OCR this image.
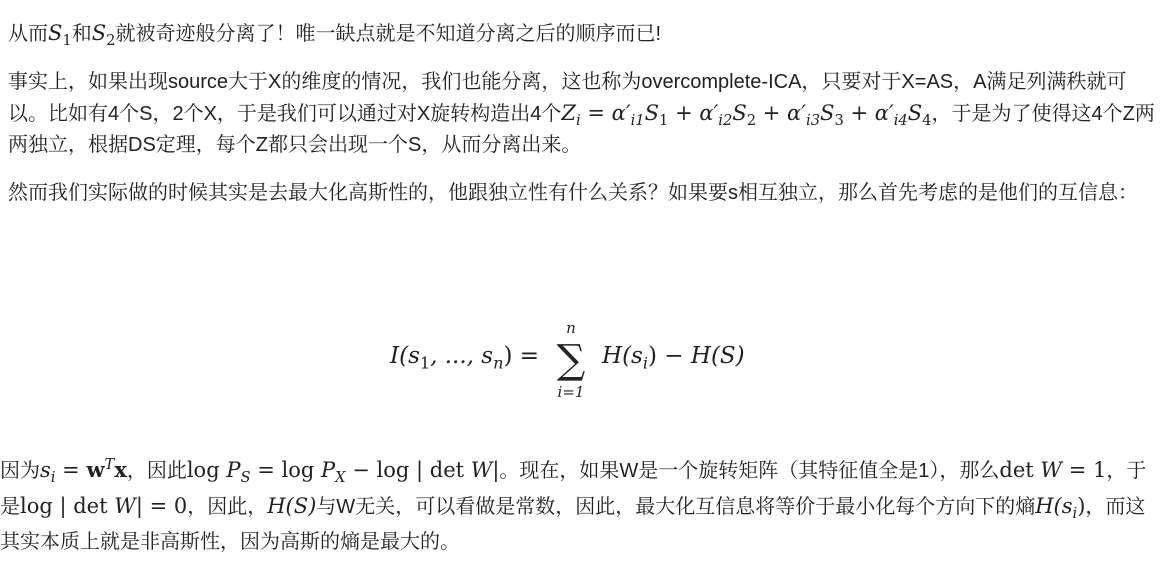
从而$S_1$和$S_2$就被奇迹般分离了！唯一缺点就是不知道分离之后的顺序而已!

事实上，如果出现source大于X的维度的情况，我们也能分离，这也称为overcomplete-ICA，只要对于X=AS，A满足列满秩就可以。比如有4个S，2个X，于是我们可以通过对X旋转构造出4个$Z_i = \alpha'_{i1}S_1 + \alpha'_{i2}S_2 + \alpha'_{i3}S_3 + \alpha'_{i4}S_4$，于是为了使得这4个Z两两独立，根据DS定理，每个Z都只会出现一个S，从而分离出来。

然而我们实际做的时候其实是去最大化高斯性的，他跟独立性有什么关系？如果要s相互独立，那么首先考虑的是他们的互信息：

$I(s_1$, ..., $s_n$) =
n
∑
i=1
$H(s_i) - H(S)$

因为$s_i = w^Tx$，因此$\log P_S = \log P_X - \log$ | det W|。现在，如果W是一个旋转矩阵（其特征值全是1），那么det W = 1，于是log | det W| = 0，因此，H(S)与W无关，可以看做是常数，因此，最大化互信息将等价于最小化每个方向下的熵$H(s_i)$，而这其实本质上就是非高斯性，因为高斯的熵是最大的。
